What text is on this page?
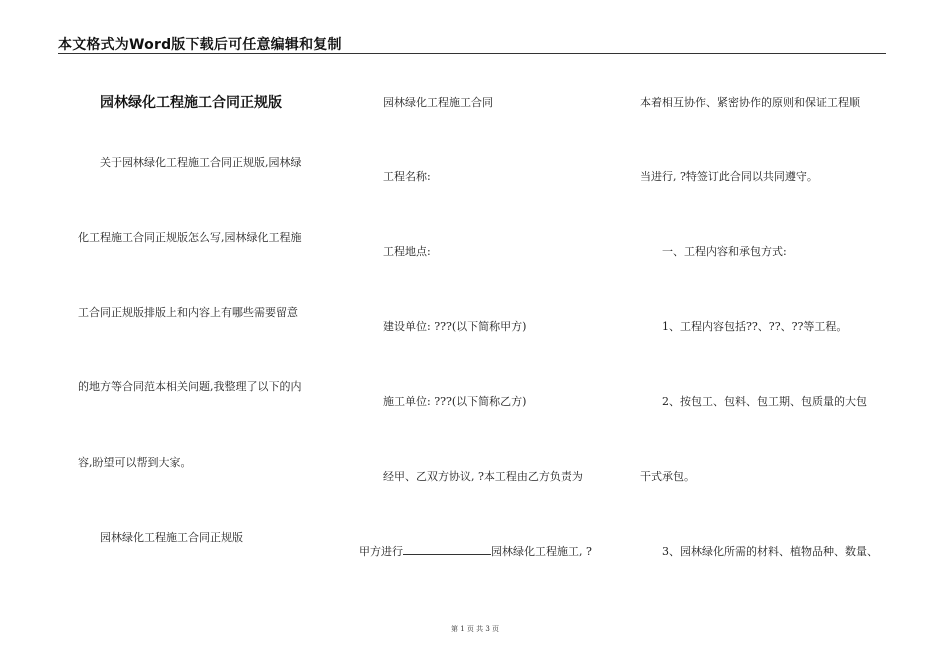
本文格式为Word版下载后可任意编辑和复制
园林绿化工程施工合同正规版
关于园林绿化工程施工合同正规版,园林绿
化工程施工合同正规版怎么写,园林绿化工程施
工合同正规版排版上和内容上有哪些需要留意
的地方等合同范本相关问题,我整理了以下的内
容,盼望可以帮到大家。
园林绿化工程施工合同正规版
园林绿化工程施工合同
工程名称:
工程地点:
建设单位: ???(以下简称甲方)
施工单位: ???(以下简称乙方)
经甲、乙双方协议, ?本工程由乙方负责为
甲方进行	园林绿化工程施工, ?
本着相互协作、紧密协作的原则和保证工程顺
当进行, ?特签订此合同以共同遵守。
一、工程内容和承包方式:
1、工程内容包括??、??、??等工程。
2、按包工、包料、包工期、包质量的大包
干式承包。
3、园林绿化所需的材料、植物品种、数量、
第 1 页 共 3 页
